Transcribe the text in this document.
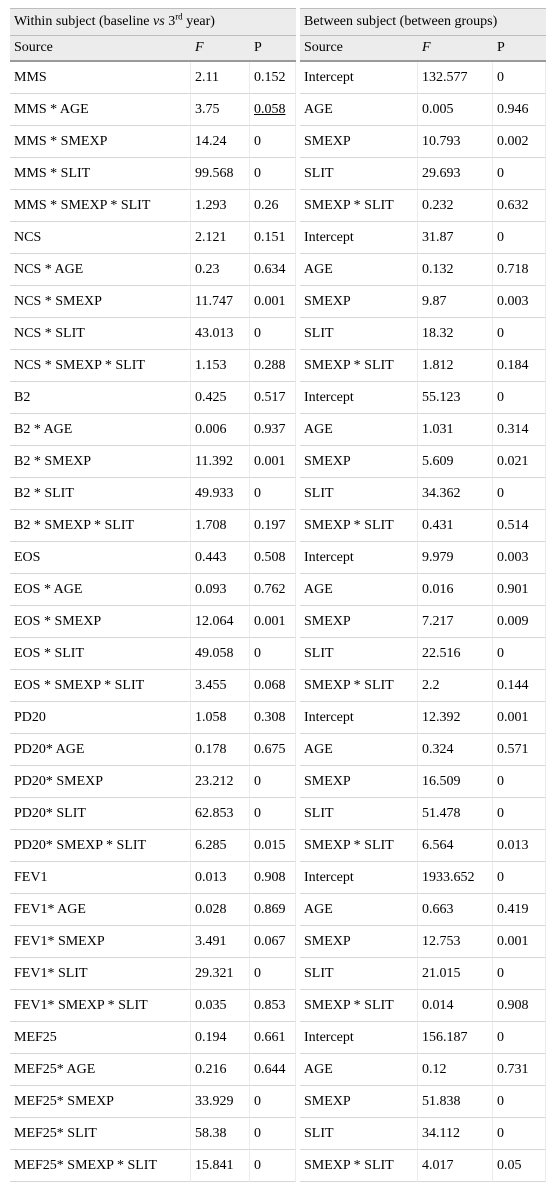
Within subject (baseline vs 3rd year)				Between subject (between groups)		
Source	F	P		Source	F	P
MMS	2.11	0.152		Intercept	132.577	0
MMS * AGE	3.75	0.058		AGE	0.005	0.946
MMS * SMEXP	14.24	0		SMEXP	10.793	0.002
MMS * SLIT	99.568	0		SLIT	29.693	0
MMS * SMEXP * SLIT	1.293	0.26		SMEXP * SLIT	0.232	0.632
NCS	2.121	0.151		Intercept	31.87	0
NCS * AGE	0.23	0.634		AGE	0.132	0.718
NCS * SMEXP	11.747	0.001		SMEXP	9.87	0.003
NCS * SLIT	43.013	0		SLIT	18.32	0
NCS * SMEXP * SLIT	1.153	0.288		SMEXP * SLIT	1.812	0.184
B2	0.425	0.517		Intercept	55.123	0
B2 * AGE	0.006	0.937		AGE	1.031	0.314
B2 * SMEXP	11.392	0.001		SMEXP	5.609	0.021
B2 * SLIT	49.933	0		SLIT	34.362	0
B2 * SMEXP * SLIT	1.708	0.197		SMEXP * SLIT	0.431	0.514
EOS	0.443	0.508		Intercept	9.979	0.003
EOS * AGE	0.093	0.762		AGE	0.016	0.901
EOS * SMEXP	12.064	0.001		SMEXP	7.217	0.009
EOS * SLIT	49.058	0		SLIT	22.516	0
EOS * SMEXP * SLIT	3.455	0.068		SMEXP * SLIT	2.2	0.144
PD20	1.058	0.308		Intercept	12.392	0.001
PD20* AGE	0.178	0.675		AGE	0.324	0.571
PD20* SMEXP	23.212	0		SMEXP	16.509	0
PD20* SLIT	62.853	0		SLIT	51.478	0
PD20* SMEXP * SLIT	6.285	0.015		SMEXP * SLIT	6.564	0.013
FEV1	0.013	0.908		Intercept	1933.652	0
FEV1* AGE	0.028	0.869		AGE	0.663	0.419
FEV1* SMEXP	3.491	0.067		SMEXP	12.753	0.001
FEV1* SLIT	29.321	0		SLIT	21.015	0
FEV1* SMEXP * SLIT	0.035	0.853		SMEXP * SLIT	0.014	0.908
MEF25	0.194	0.661		Intercept	156.187	0
MEF25* AGE	0.216	0.644		AGE	0.12	0.731
MEF25* SMEXP	33.929	0		SMEXP	51.838	0
MEF25* SLIT	58.38	0		SLIT	34.112	0
MEF25* SMEXP * SLIT	15.841	0		SMEXP * SLIT	4.017	0.05
